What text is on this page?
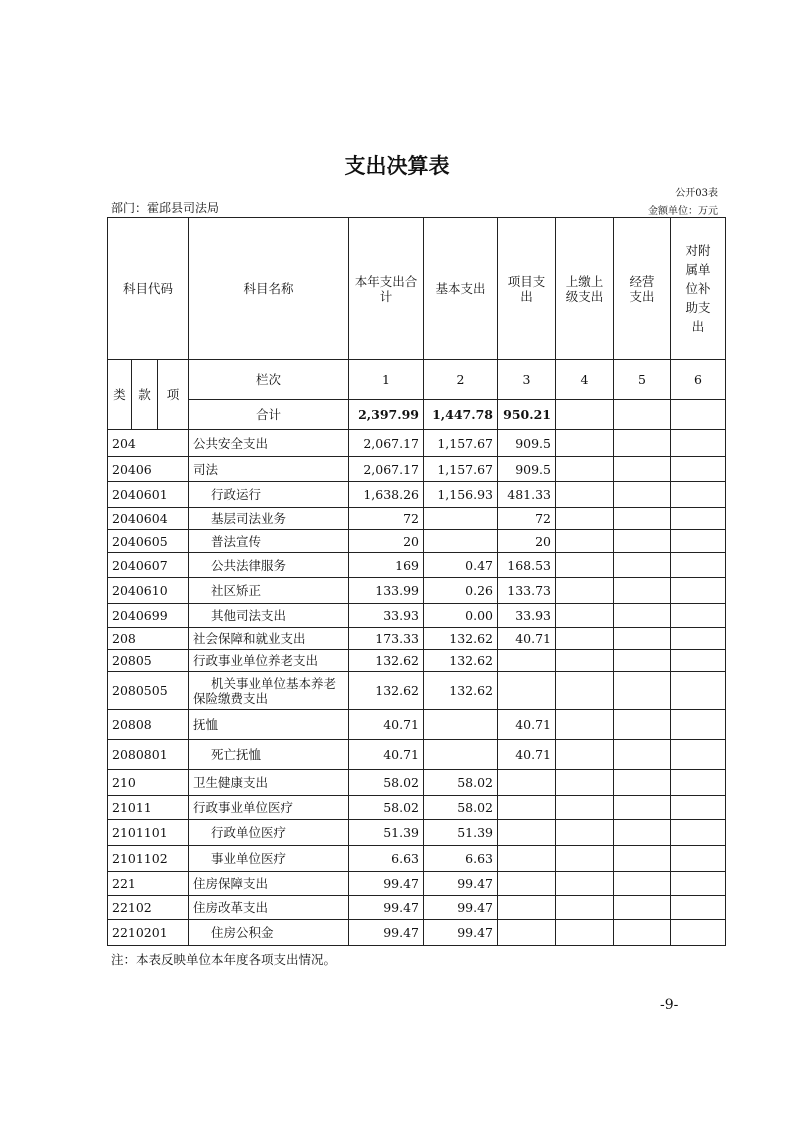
支出决算表
公开03表
部门：霍邱县司法局	金额单位：万元
科目代码			科目名称	本年支出合计	基本支出	项目支出	上缴上级支出	经营支出	对附属单位补助支出
类	款	项	栏次	1	2	3	4	5	6
			合计	2,397.99	1,447.78	950.21			
204			公共安全支出	2,067.17	1,157.67	909.5			
20406			司法	2,067.17	1,157.67	909.5			
2040601			行政运行	1,638.26	1,156.93	481.33			
2040604			基层司法业务	72		72			
2040605			普法宣传	20		20			
2040607			公共法律服务	169	0.47	168.53			
2040610			社区矫正	133.99	0.26	133.73			
2040699			其他司法支出	33.93	0.00	33.93			
208			社会保障和就业支出	173.33	132.62	40.71			
20805			行政事业单位养老支出	132.62	132.62				
2080505			机关事业单位基本养老保险缴费支出	132.62	132.62				
20808			抚恤	40.71		40.71			
2080801			死亡抚恤	40.71		40.71			
210			卫生健康支出	58.02	58.02				
21011			行政事业单位医疗	58.02	58.02				
2101101			行政单位医疗	51.39	51.39				
2101102			事业单位医疗	6.63	6.63				
221			住房保障支出	99.47	99.47				
22102			住房改革支出	99.47	99.47				
2210201			住房公积金	99.47	99.47				
注：本表反映单位本年度各项支出情况。
-9-
